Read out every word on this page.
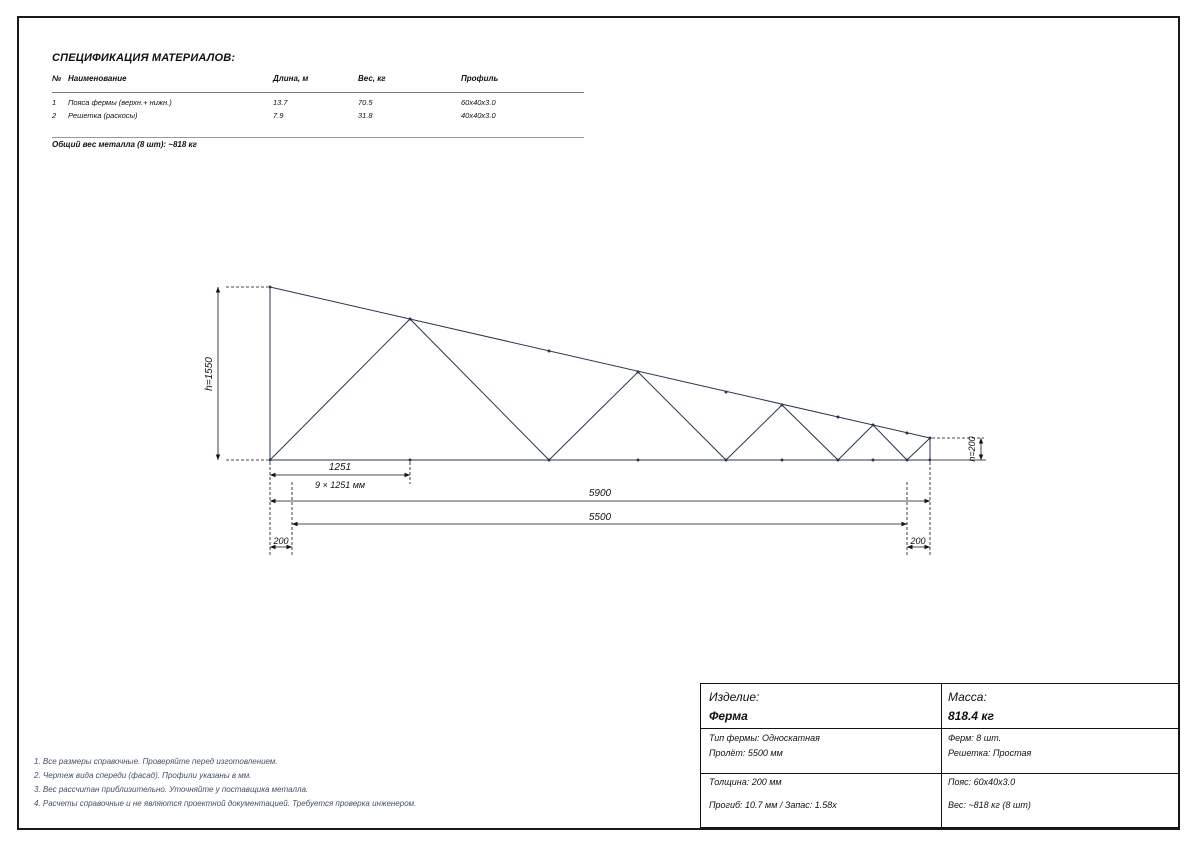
СПЕЦИФИКАЦИЯ МАТЕРИАЛОВ:
№ Наименование	Длина, м	Вес, кг	Профиль
1 Пояса фермы (верхн.+ нижн.)	13.7	70.5	60x40x3.0
2 Решетка (раскосы)	7.9	31.8	40x40x3.0
Общий вес металла (8 шт): ~818 кг
h=1550
h=200
1251
9 × 1251 мм
5900
5500
200	200
1. Все размеры справочные. Проверяйте перед изготовлением.
2. Чертеж вида спереди (фасад). Профили указаны в мм.
3. Вес рассчитан приблизительно. Уточняйте у поставщика металла.
4. Расчеты справочные и не являются проектной документацией. Требуется проверка инженером.
Изделие:
Ферма
Масса:
818.4 кг
Тип фермы: Односкатная
Пролёт: 5500 мм
Ферм: 8 шт.
Решетка: Простая
Толщина: 200 мм
Прогиб: 10.7 мм / Запас: 1.58x
Пояс: 60x40x3.0
Вес: ~818 кг (8 шт)
